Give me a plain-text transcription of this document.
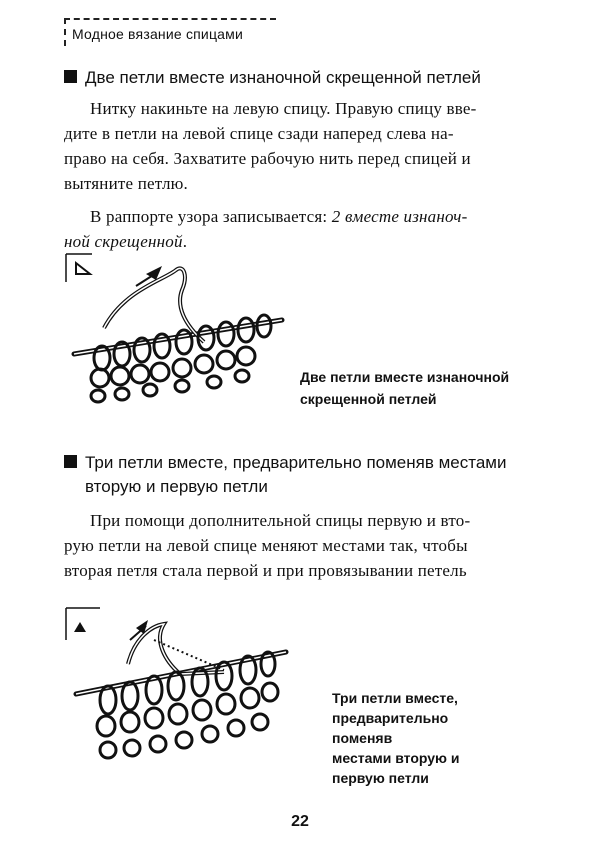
Модное вязание спицами
Две петли вместе изнаночной скрещенной петлей

Нитку накиньте на левую спицу. Правую спицу вве-
дите в петли на левой спице сзади наперед слева на-
право на себя. Захватите рабочую нить перед спицей и
вытяните петлю.

В раппорте узора записывается: 2 вместе изнаноч-
ной скрещенной.

Две петли вместе изнаночной
скрещенной петлей
Три петли вместе, предварительно поменяв местами
вторую и первую петли

При помощи дополнительной спицы первую и вто-
рую петли на левой спице меняют местами так, чтобы
вторая петля стала первой и при провязывании петель

Три петли вместе,
предварительно
поменяв
местами вторую и
первую петли
22
